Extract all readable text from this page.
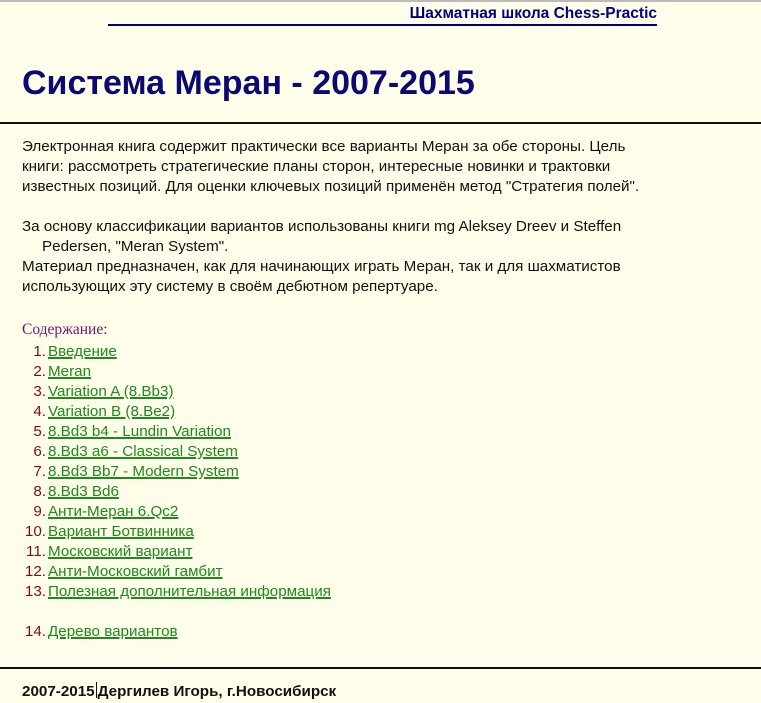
Шахматная школа Chess-Practic
Система Меран - 2007-2015

Электронная книга содержит практически все варианты Меран за обе стороны. Цель
книги: рассмотреть стратегические планы сторон, интересные новинки и трактовки
известных позиций. Для оценки ключевых позиций применён метод "Стратегия полей".

За основу классификации вариантов использованы книги mg Aleksey Dreev и Steffen
Pedersen, "Meran System".
Материал предназначен, как для начинающих играть Меран, так и для шахматистов
использующих эту систему в своём дебютном репертуаре.

Содержание:
1. Введение
2. Meran
3. Variation A (8.Bb3)
4. Variation B (8.Be2)
5. 8.Bd3 b4 - Lundin Variation
6. 8.Bd3 a6 - Classical System
7. 8.Bd3 Bb7 - Modern System
8. 8.Bd3 Bd6
9. Анти-Меран 6.Qc2
10. Вариант Ботвинника
11. Московский вариант
12. Анти-Московский гамбит
13. Полезная дополнительная информация
14. Дерево вариантов
2007-2015 Дергилев Игорь, г.Новосибирск
